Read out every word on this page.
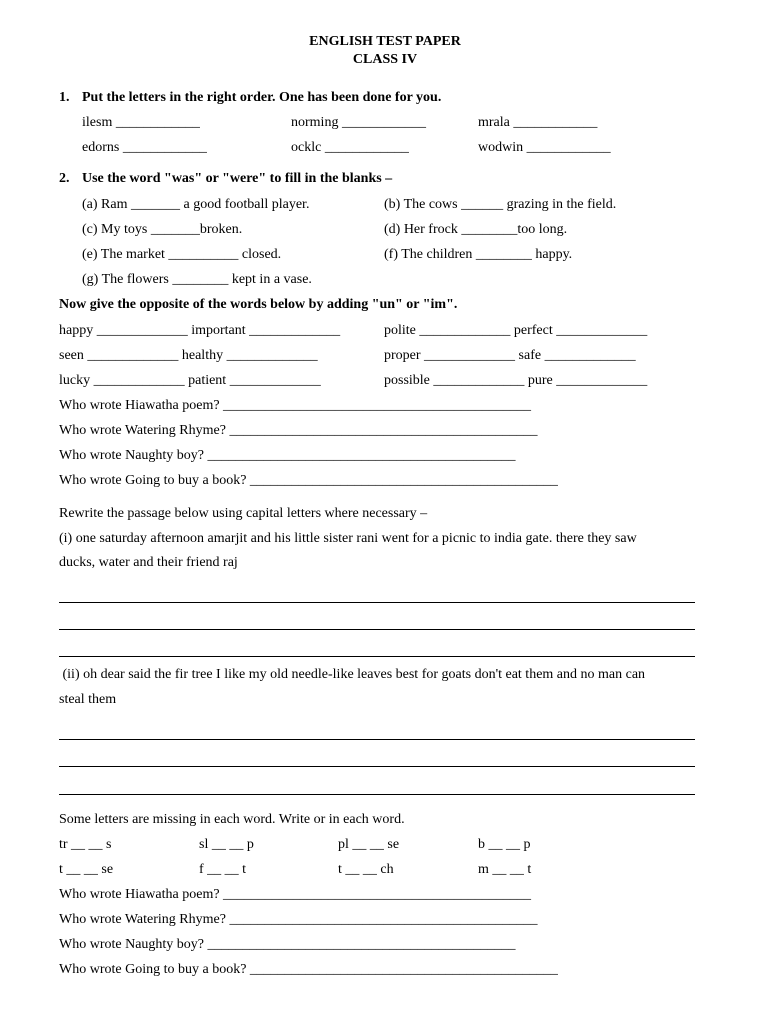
ENGLISH TEST PAPER
CLASS IV
1. Put the letters in the right order. One has been done for you.
ilesm ____________	norming ____________	mrala ____________
edorns ____________	ocklc ____________	wodwin ____________
2. Use the word "was" or "were" to fill in the blanks –
(a) Ram _______ a good football player.	(b) The cows ______ grazing in the field.
(c) My toys _______broken.	(d) Her frock ________too long.
(e) The market __________ closed.	(f) The children ________ happy.
(g) The flowers ________ kept in a vase.
Now give the opposite of the words below by adding "un" or "im".
happy _____________ important _____________	polite _____________ perfect _____________
seen _____________ healthy _____________	proper _____________ safe _____________
lucky _____________ patient _____________	possible _____________ pure _____________
Who wrote Hiawatha poem? ____________________________________________
Who wrote Watering Rhyme? ____________________________________________
Who wrote Naughty boy? ____________________________________________
Who wrote Going to buy a book? ____________________________________________
Rewrite the passage below using capital letters where necessary –
(i) one saturday afternoon amarjit and his little sister rani went for a picnic to india gate. there they saw
ducks, water and their friend raj
(ii) oh dear said the fir tree I like my old needle-like leaves best for goats don't eat them and no man can
steal them
Some letters are missing in each word. Write or in each word.
tr __ __ s	sl __ __ p	pl __ __ se	b __ __ p
t __ __ se	f __ __ t	t __ __ ch	m __ __ t
Who wrote Hiawatha poem? ____________________________________________
Who wrote Watering Rhyme? ____________________________________________
Who wrote Naughty boy? ____________________________________________
Who wrote Going to buy a book? ____________________________________________
